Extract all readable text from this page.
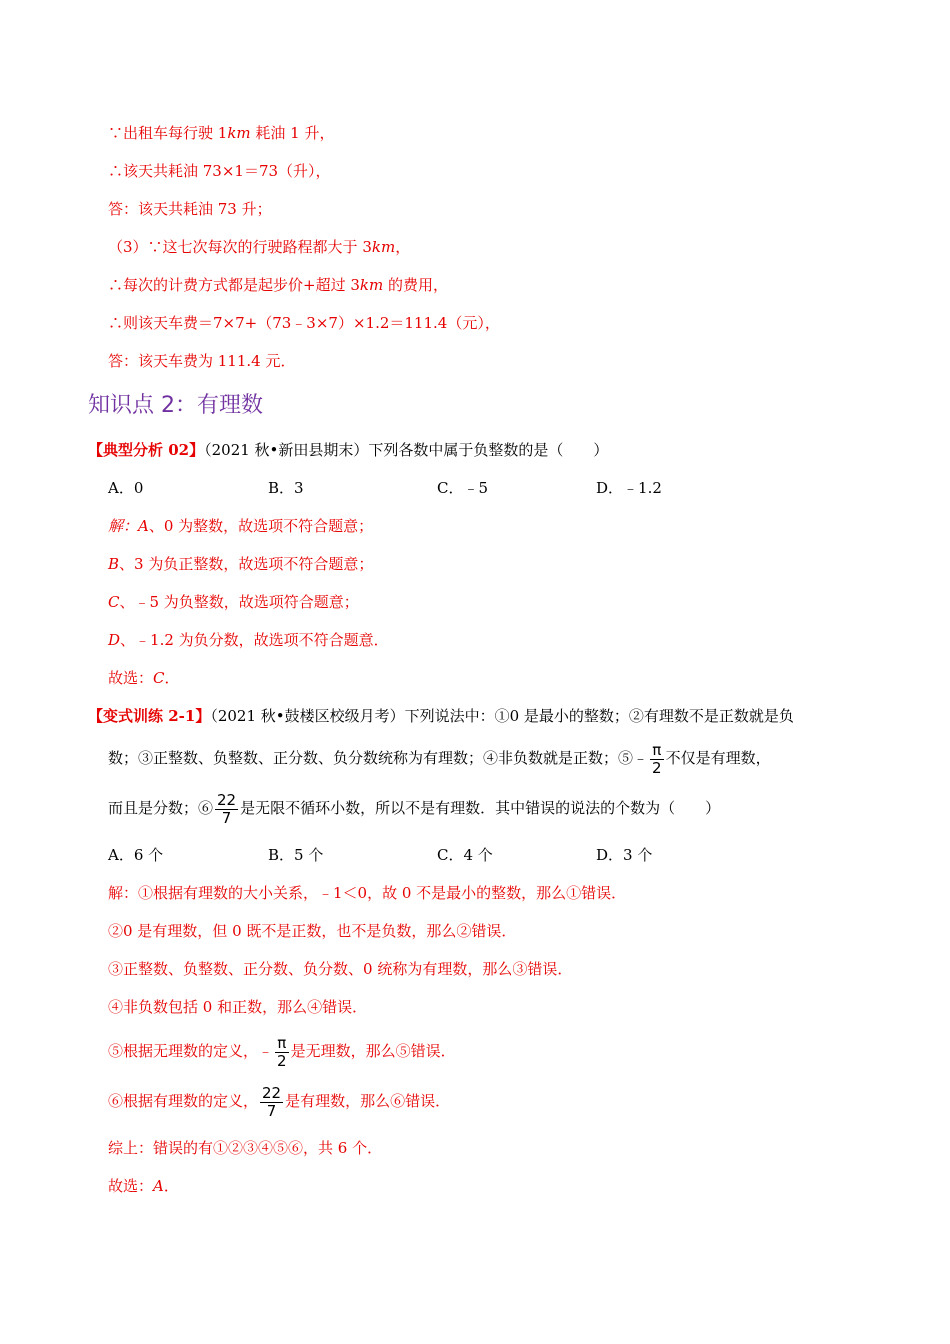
∵出租车每行驶 1km 耗油 1 升，
∴该天共耗油 73×1＝73（升），
答：该天共耗油 73 升；
（3）∵这七次每次的行驶路程都大于 3km，
∴每次的计费方式都是起步价+超过 3km 的费用，
∴则该天车费＝7×7+（73﹣3×7）×1.2＝111.4（元），
答：该天车费为 111.4 元．
知识点 2：有理数
【典型分析 02】（2021 秋•新田县期末）下列各数中属于负整数的是（　　）
A．0	B．3	C．﹣5	D．﹣1.2
解：A、0 为整数，故选项不符合题意；
B、3 为负正整数，故选项不符合题意；
C、﹣5 为负整数，故选项符合题意；
D、﹣1.2 为负分数，故选项不符合题意．
故选：C．
【变式训练 2-1】（2021 秋•鼓楼区校级月考）下列说法中：①0 是最小的整数；②有理数不是正数就是负
数；③正整数、负整数、正分数、负分数统称为有理数；④非负数就是正数；⑤﹣ $\frac{\pi}{2}$ 不仅是有理数，
而且是分数；⑥ $\frac{22}{7}$ 是无限不循环小数，所以不是有理数．其中错误的说法的个数为（　　）
A．6 个	B．5 个	C．4 个	D．3 个
解：①根据有理数的大小关系，﹣1＜0，故 0 不是最小的整数，那么①错误．
②0 是有理数，但 0 既不是正数，也不是负数，那么②错误．
③正整数、负整数、正分数、负分数、0 统称为有理数，那么③错误．
④非负数包括 0 和正数，那么④错误．
⑤根据无理数的定义，﹣ $\frac{\pi}{2}$ 是无理数，那么⑤错误．
⑥根据有理数的定义， $\frac{22}{7}$ 是有理数，那么⑥错误．
综上：错误的有①②③④⑤⑥，共 6 个．
故选：A．
